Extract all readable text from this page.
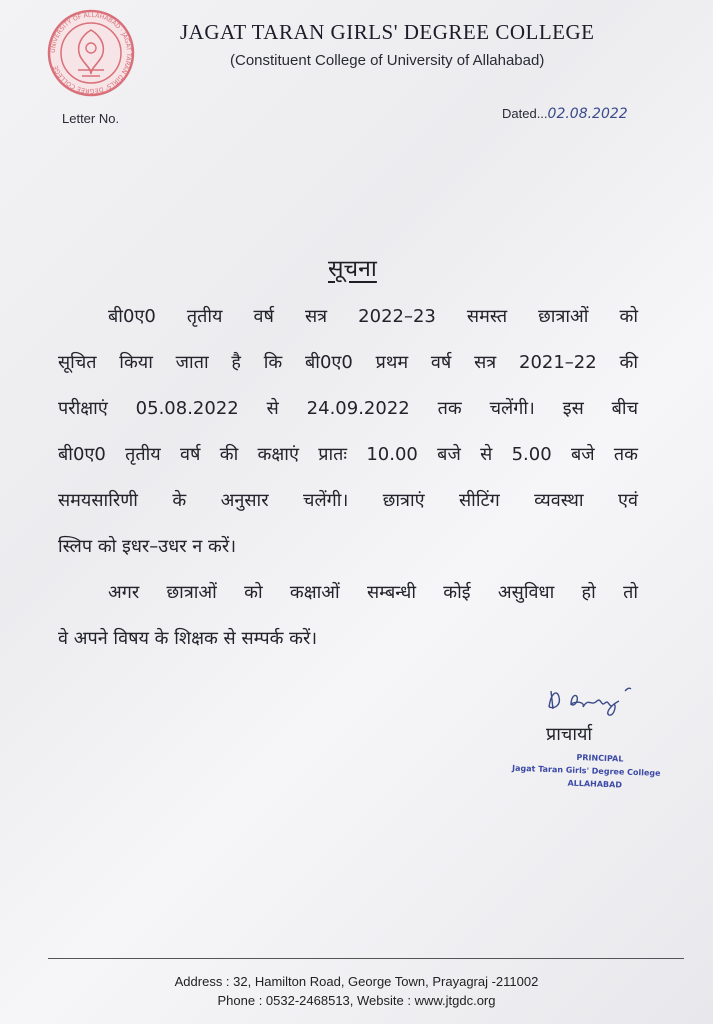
UNIVERSITY OF ALLAHABAD · JAGAT TARAN GIRLS' DEGREE COLLEGE
JAGAT TARAN GIRLS' DEGREE COLLEGE
(Constituent College of University of Allahabad)
Letter No.	Dated...02.08.2022
सूचना
बी0ए0 तृतीय वर्ष सत्र 2022–23 समस्त छात्राओं को
सूचित किया जाता है कि बी0ए0 प्रथम वर्ष सत्र 2021–22 की
परीक्षाएं 05.08.2022 से 24.09.2022 तक चलेंगी। इस बीच
बी0ए0 तृतीय वर्ष की कक्षाएं प्रातः 10.00 बजे से 5.00 बजे तक
समयसारिणी के अनुसार चलेंगी। छात्राएं सीटिंग व्यवस्था एवं
स्लिप को इधर–उधर न करें।
अगर छात्राओं को कक्षाओं सम्बन्धी कोई असुविधा हो तो
वे अपने विषय के शिक्षक से सम्पर्क करें।
प्राचार्या
PRINCIPAL
Jagat Taran Girls' Degree College
ALLAHABAD
Address : 32, Hamilton Road, George Town, Prayagraj -211002
Phone : 0532-2468513, Website : www.jtgdc.org
